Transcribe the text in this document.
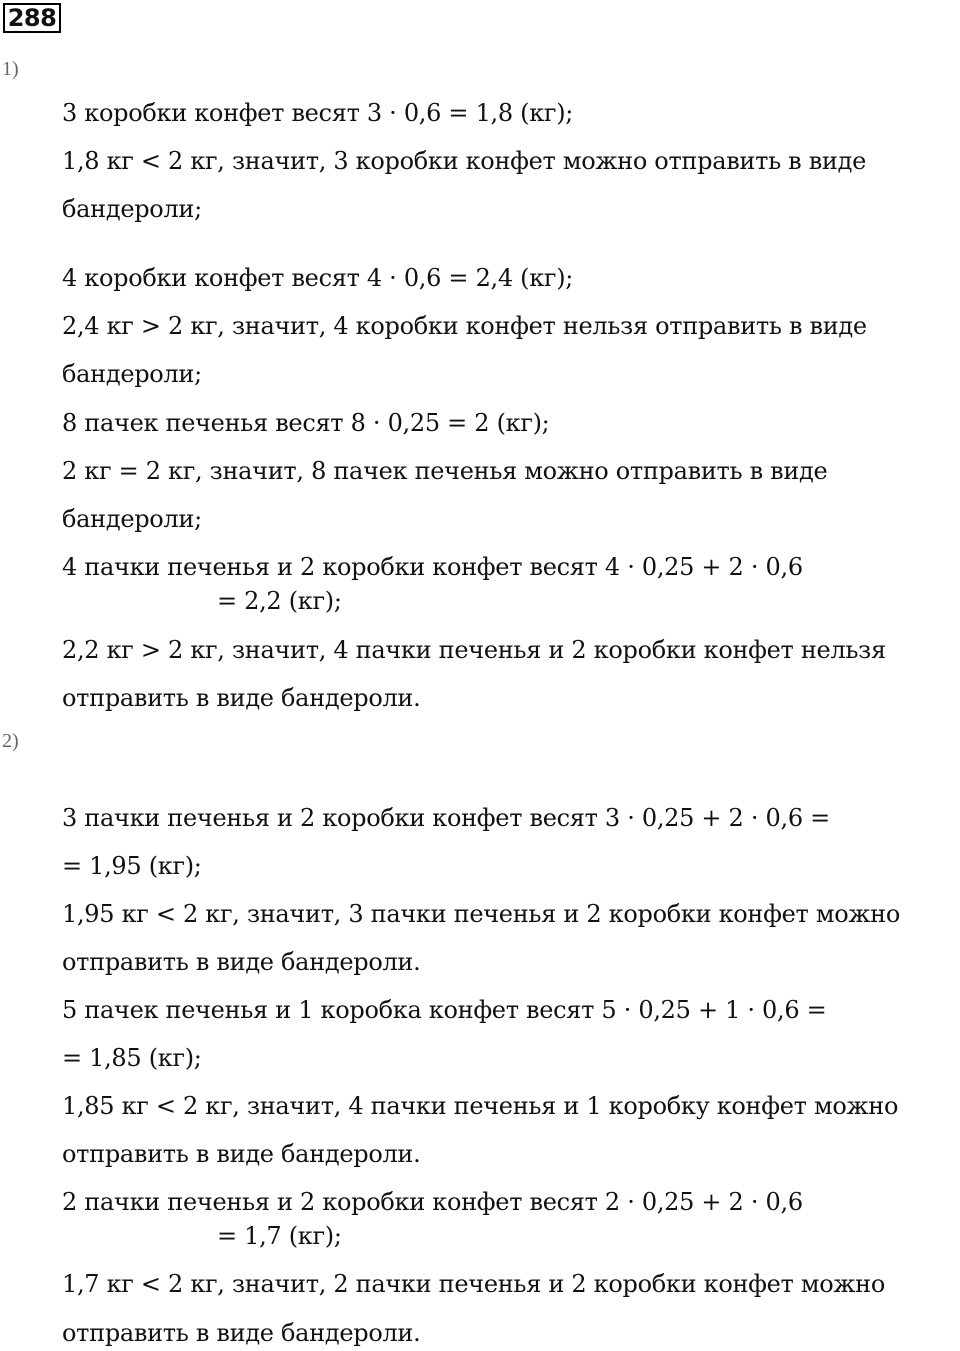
288
1)
3 коробки конфет весят 3 · 0,6 = 1,8 (кг);
1,8 кг < 2 кг, значит, 3 коробки конфет можно отправить в виде
бандероли;
4 коробки конфет весят 4 · 0,6 = 2,4 (кг);
2,4 кг > 2 кг, значит, 4 коробки конфет нельзя отправить в виде
бандероли;
8 пачек печенья весят 8 · 0,25 = 2 (кг);
2 кг = 2 кг, значит, 8 пачек печенья можно отправить в виде
бандероли;
4 пачки печенья и 2 коробки конфет весят 4 · 0,25 + 2 · 0,6
= 2,2 (кг);
2,2 кг > 2 кг, значит, 4 пачки печенья и 2 коробки конфет нельзя
отправить в виде бандероли.
2)
3 пачки печенья и 2 коробки конфет весят 3 · 0,25 + 2 · 0,6 =
= 1,95 (кг);
1,95 кг < 2 кг, значит, 3 пачки печенья и 2 коробки конфет можно
отправить в виде бандероли.
5 пачек печенья и 1 коробка конфет весят 5 · 0,25 + 1 · 0,6 =
= 1,85 (кг);
1,85 кг < 2 кг, значит, 4 пачки печенья и 1 коробку конфет можно
отправить в виде бандероли.
2 пачки печенья и 2 коробки конфет весят 2 · 0,25 + 2 · 0,6
= 1,7 (кг);
1,7 кг < 2 кг, значит, 2 пачки печенья и 2 коробки конфет можно
отправить в виде бандероли.
